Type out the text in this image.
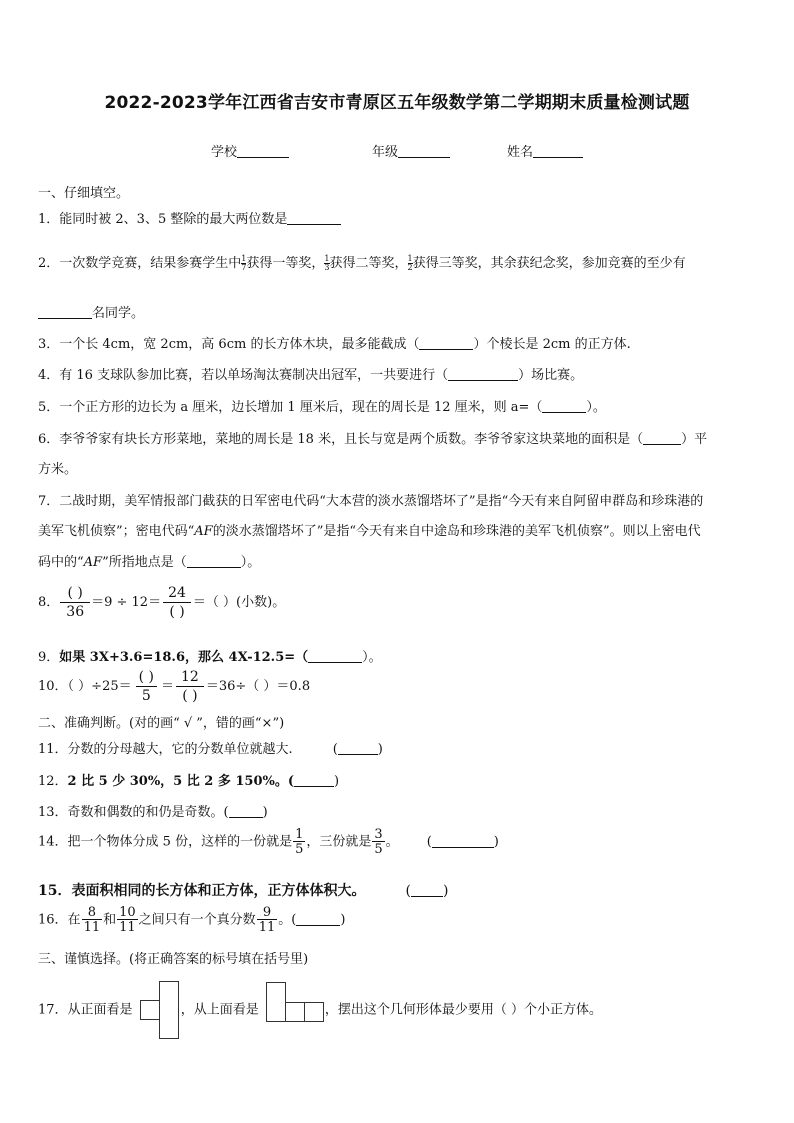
2022-2023学年江西省吉安市青原区五年级数学第二学期期末质量检测试题
学校	年级	姓名
一、仔细填空。
1．能同时被 2、3、5 整除的最大两位数是
2．一次数学竞赛，结果参赛学生中 $\frac{1}{7}$ 获得一等奖， $\frac{1}{3}$ 获得二等奖， $\frac{1}{2}$ 获得三等奖，其余获纪念奖，参加竞赛的至少有
名同学。
3．一个长 4cm，宽 2cm，高 6cm 的长方体木块，最多能截成（	）个棱长是 2cm 的正方体.
4．有 16 支球队参加比赛，若以单场淘汰赛制决出冠军，一共要进行（	）场比赛。
5．一个正方形的边长为 a 厘米，边长增加 1 厘米后，现在的周长是 12 厘米，则 a=（	）。
6．李爷爷家有块长方形菜地，菜地的周长是 18 米，且长与宽是两个质数。李爷爷家这块菜地的面积是（	）平
方米。
7．二战时期，美军情报部门截获的日军密电代码“大本营的淡水蒸馏塔坏了”是指“今天有来自阿留申群岛和珍珠港的
美军飞机侦察”；密电代码“AF的淡水蒸馏塔坏了”是指“今天有来自中途岛和珍珠港的美军飞机侦察”。则以上密电代
码中的“AF”所指地点是（	）。
8． $\frac{( )}{36} =9 \div 12= \frac{24}{( )}$ ＝（ ）(小数)。
9．如果 3X+3.6=18.6，那么 4X-12.5=（	）。
10．（ ）$\div 25= \frac{( )}{5} = \frac{12}{( )} =36\div$（ ）＝0.8
二、准确判断。(对的画“ √ ”，错的画“×”)
11．分数的分母越大，它的分数单位就越大.	(	)
12．2 比 5 少 30%，5 比 2 多 150%。(	)
13．奇数和偶数的和仍是奇数。(	)
14．把一个物体分成 5 份，这样的一份就是 $\frac{1}{5}$ ，三份就是 $\frac{3}{5}$ 。 (	)
15．表面积相同的长方体和正方体，正方体体积大。	( )
16．在 $\frac{8}{11}$ 和 $\frac{10}{11}$ 之间只有一个真分数 $\frac{9}{11}$ 。(	)
三、谨慎选择。(将正确答案的标号填在括号里)
17．从正面看是	，从上面看是	，摆出这个几何形体最少要用（ ）个小正方体。
